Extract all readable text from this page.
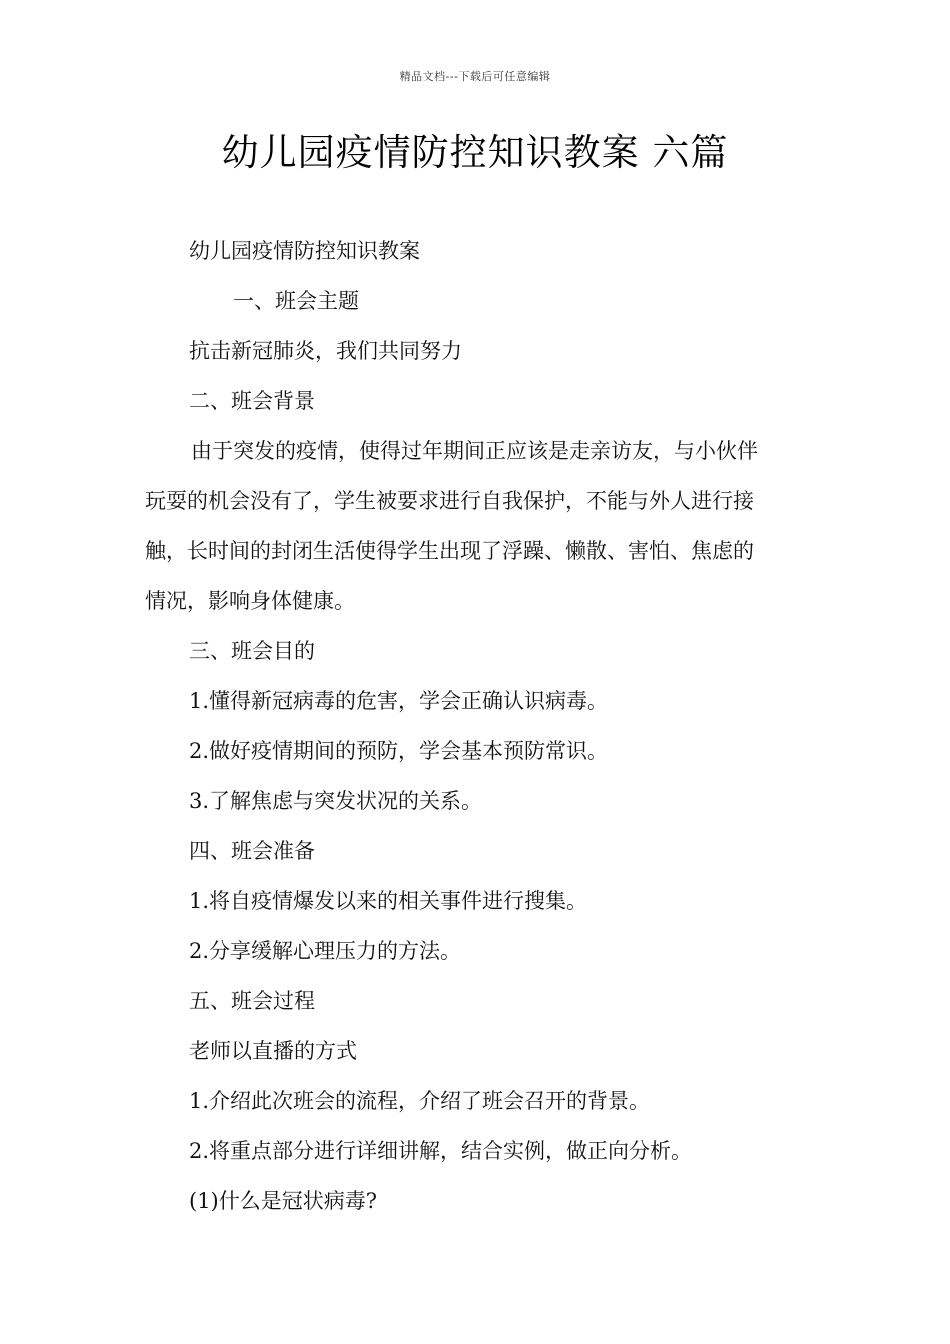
精品文档---下载后可任意编辑
幼儿园疫情防控知识教案 六篇
幼儿园疫情防控知识教案
一、班会主题
抗击新冠肺炎，我们共同努力
二、班会背景
由于突发的疫情，使得过年期间正应该是走亲访友，与小伙伴
玩耍的机会没有了，学生被要求进行自我保护，不能与外人进行接
触，长时间的封闭生活使得学生出现了浮躁、懒散、害怕、焦虑的
情况，影响身体健康。
三、班会目的
1.懂得新冠病毒的危害，学会正确认识病毒。
2.做好疫情期间的预防，学会基本预防常识。
3.了解焦虑与突发状况的关系。
四、班会准备
1.将自疫情爆发以来的相关事件进行搜集。
2.分享缓解心理压力的方法。
五、班会过程
老师以直播的方式
1.介绍此次班会的流程，介绍了班会召开的背景。
2.将重点部分进行详细讲解，结合实例，做正向分析。
(1)什么是冠状病毒?
